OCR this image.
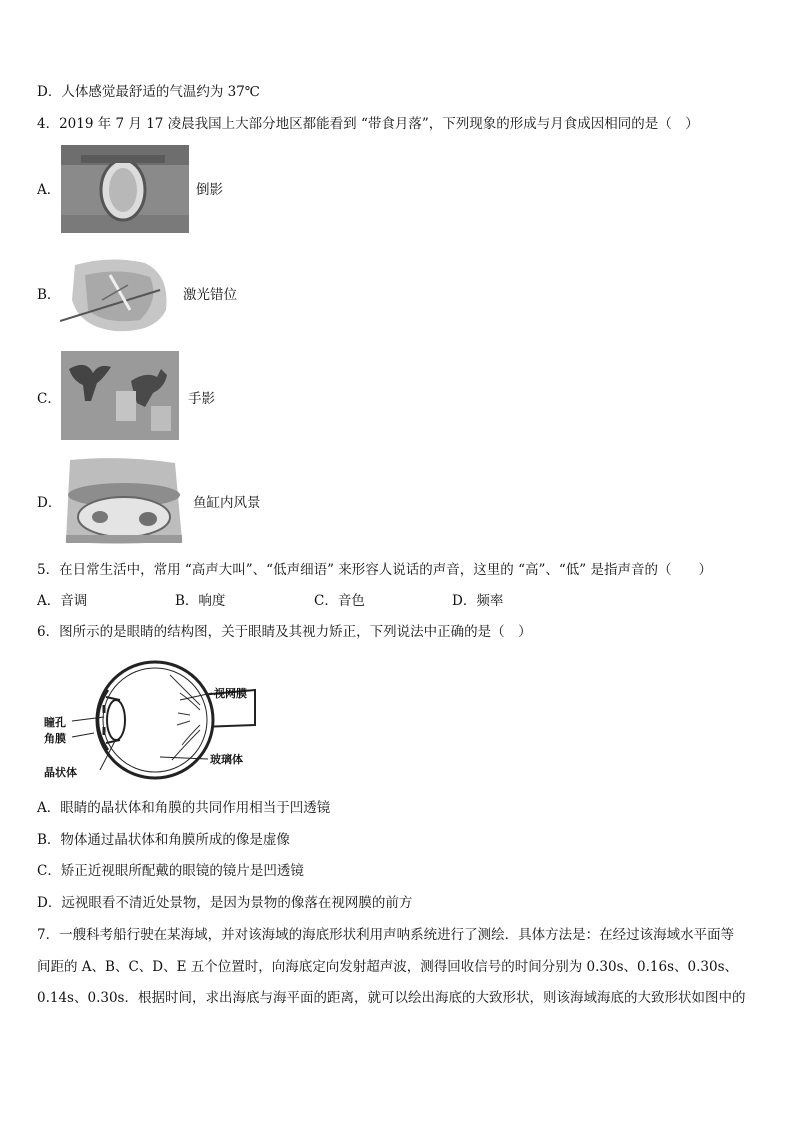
D．人体感觉最舒适的气温约为 37℃
4．2019 年 7 月 17 凌晨我国上大部分地区都能看到 “带食月落”，下列现象的形成与月食成因相同的是（　）
A．	倒影
B．	激光错位
C．	手影
D．	鱼缸内风景
5．在日常生活中，常用 “高声大叫”、“低声细语” 来形容人说话的声音，这里的 “高”、“低” 是指声音的（　　）
A．音调	B．响度	C．音色	D．频率
6．图所示的是眼睛的结构图，关于眼睛及其视力矫正，下列说法中正确的是（　）
视网膜
瞳孔
角膜
晶状体
玻璃体
A．眼睛的晶状体和角膜的共同作用相当于凹透镜
B．物体通过晶状体和角膜所成的像是虚像
C．矫正近视眼所配戴的眼镜的镜片是凹透镜
D．远视眼看不清近处景物，是因为景物的像落在视网膜的前方
7．一艘科考船行驶在某海域，并对该海域的海底形状利用声呐系统进行了测绘．具体方法是：在经过该海域水平面等
间距的 A、B、C、D、E 五个位置时，向海底定向发射超声波，测得回收信号的时间分别为 0.30s、0.16s、0.30s、
0.14s、0.30s．根据时间，求出海底与海平面的距离，就可以绘出海底的大致形状，则该海域海底的大致形状如图中的
